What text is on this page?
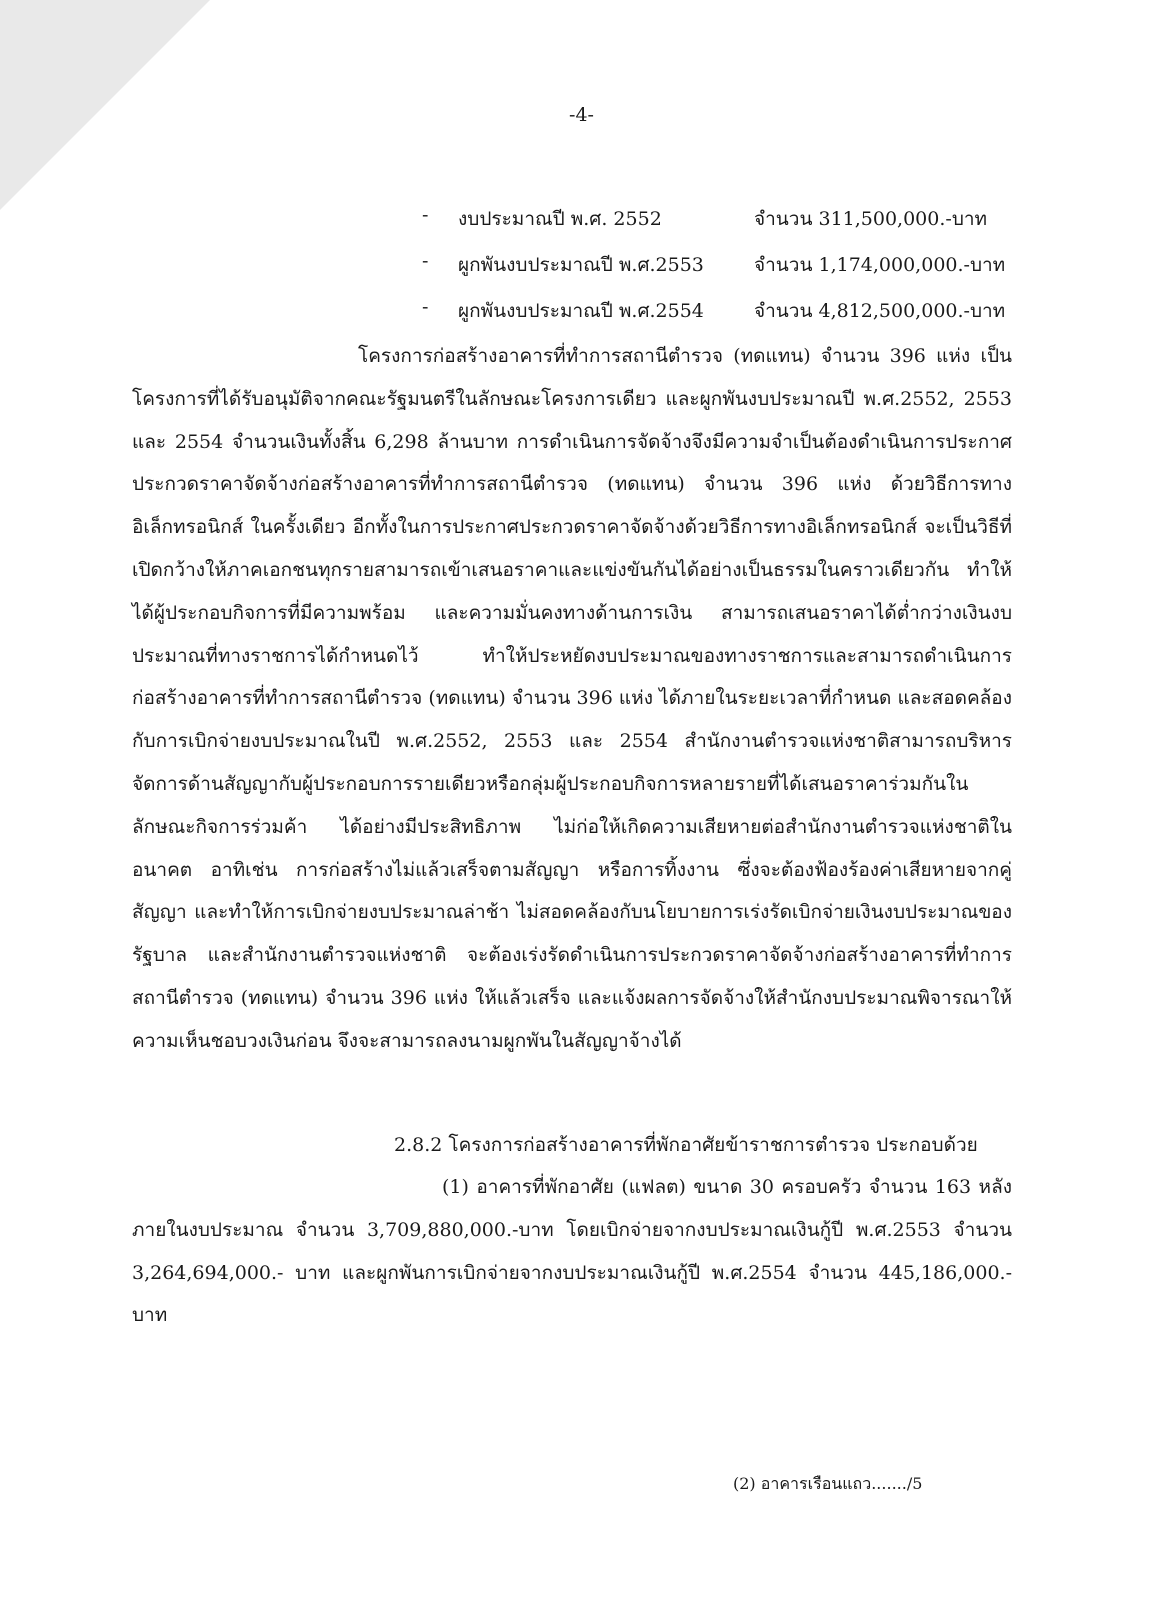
-4-
- งบประมาณปี พ.ศ. 2552	จำนวน 311,500,000.-บาท
- ผูกพันงบประมาณปี พ.ศ.2553	จำนวน 1,174,000,000.-บาท
- ผูกพันงบประมาณปี พ.ศ.2554	จำนวน 4,812,500,000.-บาท
โครงการก่อสร้างอาคารที่ทำการสถานีตำรวจ (ทดแทน) จำนวน 396 แห่ง เป็นโครงการที่ได้รับอนุมัติจากคณะรัฐมนตรีในลักษณะโครงการเดียว และผูกพันงบประมาณปี พ.ศ.2552, 2553 และ 2554 จำนวนเงินทั้งสิ้น 6,298 ล้านบาท การดำเนินการจัดจ้างจึงมีความจำเป็นต้องดำเนินการประกาศประกวดราคาจัดจ้างก่อสร้างอาคารที่ทำการสถานีตำรวจ (ทดแทน) จำนวน 396 แห่ง ด้วยวิธีการทางอิเล็กทรอนิกส์ ในครั้งเดียว อีกทั้งในการประกาศประกวดราคาจัดจ้างด้วยวิธีการทางอิเล็กทรอนิกส์ จะเป็นวิธีที่เปิดกว้างให้ภาคเอกชนทุกรายสามารถเข้าเสนอราคาและแข่งขันกันได้อย่างเป็นธรรมในคราวเดียวกัน ทำให้ได้ผู้ประกอบกิจการที่มีความพร้อม และความมั่นคงทางด้านการเงิน สามารถเสนอราคาได้ต่ำกว่างเงินงบประมาณที่ทางราชการได้กำหนดไว้ ทำให้ประหยัดงบประมาณของทางราชการและสามารถดำเนินการก่อสร้างอาคารที่ทำการสถานีตำรวจ (ทดแทน) จำนวน 396 แห่ง ได้ภายในระยะเวลาที่กำหนด และสอดคล้องกับการเบิกจ่ายงบประมาณในปี พ.ศ.2552, 2553 และ 2554 สำนักงานตำรวจแห่งชาติสามารถบริหารจัดการด้านสัญญากับผู้ประกอบการรายเดียวหรือกลุ่มผู้ประกอบกิจการหลายรายที่ได้เสนอราคาร่วมกันในลักษณะกิจการร่วมค้า ได้อย่างมีประสิทธิภาพ ไม่ก่อให้เกิดความเสียหายต่อสำนักงานตำรวจแห่งชาติในอนาคต อาทิเช่น การก่อสร้างไม่แล้วเสร็จตามสัญญา หรือการทิ้งงาน ซึ่งจะต้องฟ้องร้องค่าเสียหายจากคู่สัญญา และทำให้การเบิกจ่ายงบประมาณล่าช้า ไม่สอดคล้องกับนโยบายการเร่งรัดเบิกจ่ายเงินงบประมาณของรัฐบาล และสำนักงานตำรวจแห่งชาติ จะต้องเร่งรัดดำเนินการประกวดราคาจัดจ้างก่อสร้างอาคารที่ทำการสถานีตำรวจ (ทดแทน) จำนวน 396 แห่ง ให้แล้วเสร็จ และแจ้งผลการจัดจ้างให้สำนักงบประมาณพิจารณาให้ความเห็นชอบวงเงินก่อน จึงจะสามารถลงนามผูกพันในสัญญาจ้างได้
2.8.2 โครงการก่อสร้างอาคารที่พักอาศัยข้าราชการตำรวจ ประกอบด้วย
(1) อาคารที่พักอาศัย (แฟลต) ขนาด 30 ครอบครัว จำนวน 163 หลัง ภายในงบประมาณ จำนวน 3,709,880,000.-บาท โดยเบิกจ่ายจากงบประมาณเงินกู้ปี พ.ศ.2553 จำนวน 3,264,694,000.- บาท และผูกพันการเบิกจ่ายจากงบประมาณเงินกู้ปี พ.ศ.2554 จำนวน 445,186,000.- บาท
(2) อาคารเรือนแถว......./5
